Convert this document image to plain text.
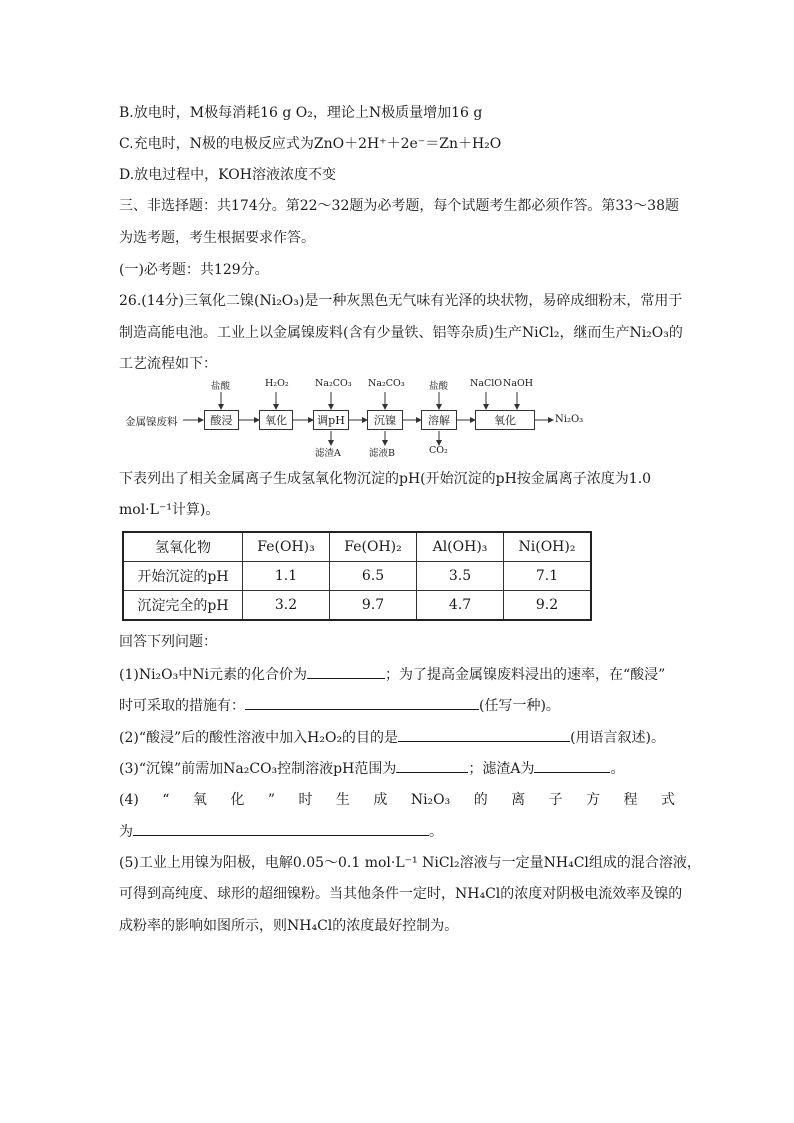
B.放电时，M极每消耗16 g O₂，理论上N极质量增加16 g
C.充电时，N极的电极反应式为ZnO＋2H⁺＋2e⁻＝Zn＋H₂O
D.放电过程中，KOH溶液浓度不变
三、非选择题：共174分。第22～32题为必考题，每个试题考生都必须作答。第33～38题
为选考题，考生根据要求作答。
(一)必考题：共129分。
26.(14分)三氧化二镍(Ni₂O₃)是一种灰黑色无气味有光泽的块状物，易碎成细粉末，常用于
制造高能电池。工业上以金属镍废料(含有少量铁、铝等杂质)生产NiCl₂，继而生产Ni₂O₃的
工艺流程如下：
金属镍废料	酸浸	氧化	调pH	沉镍	溶解	氧化	Ni₂O₃
盐酸	H₂O₂	Na₂CO₃ Na₂CO₃	盐酸 NaClO NaOH
滤渣A	滤液B	CO₂
下表列出了相关金属离子生成氢氧化物沉淀的pH(开始沉淀的pH按金属离子浓度为1.0
mol·L⁻¹计算)。
氢氧化物	Fe(OH)₃	Fe(OH)₂	Al(OH)₃	Ni(OH)₂
开始沉淀的pH	1.1	6.5	3.5	7.1
沉淀完全的pH	3.2	9.7	4.7	9.2
回答下列问题：
(1)Ni₂O₃中Ni元素的化合价为	；为了提高金属镍废料浸出的速率，在“酸浸”
时可采取的措施有：	(任写一种)。
(2)“酸浸”后的酸性溶液中加入H₂O₂的目的是	(用语言叙述)。
(3)“沉镍”前需加Na₂CO₃控制溶液pH范围为	；滤渣A为	。
(4) “ 氧 化 ” 时 生 成 Ni₂O₃ 的 离 子 方 程 式
为	。
(5)工业上用镍为阳极，电解0.05～0.1 mol·L⁻¹ NiCl₂溶液与一定量NH₄Cl组成的混合溶液，
可得到高纯度、球形的超细镍粉。当其他条件一定时，NH₄Cl的浓度对阴极电流效率及镍的
成粉率的影响如图所示，则NH₄Cl的浓度最好控制为。
